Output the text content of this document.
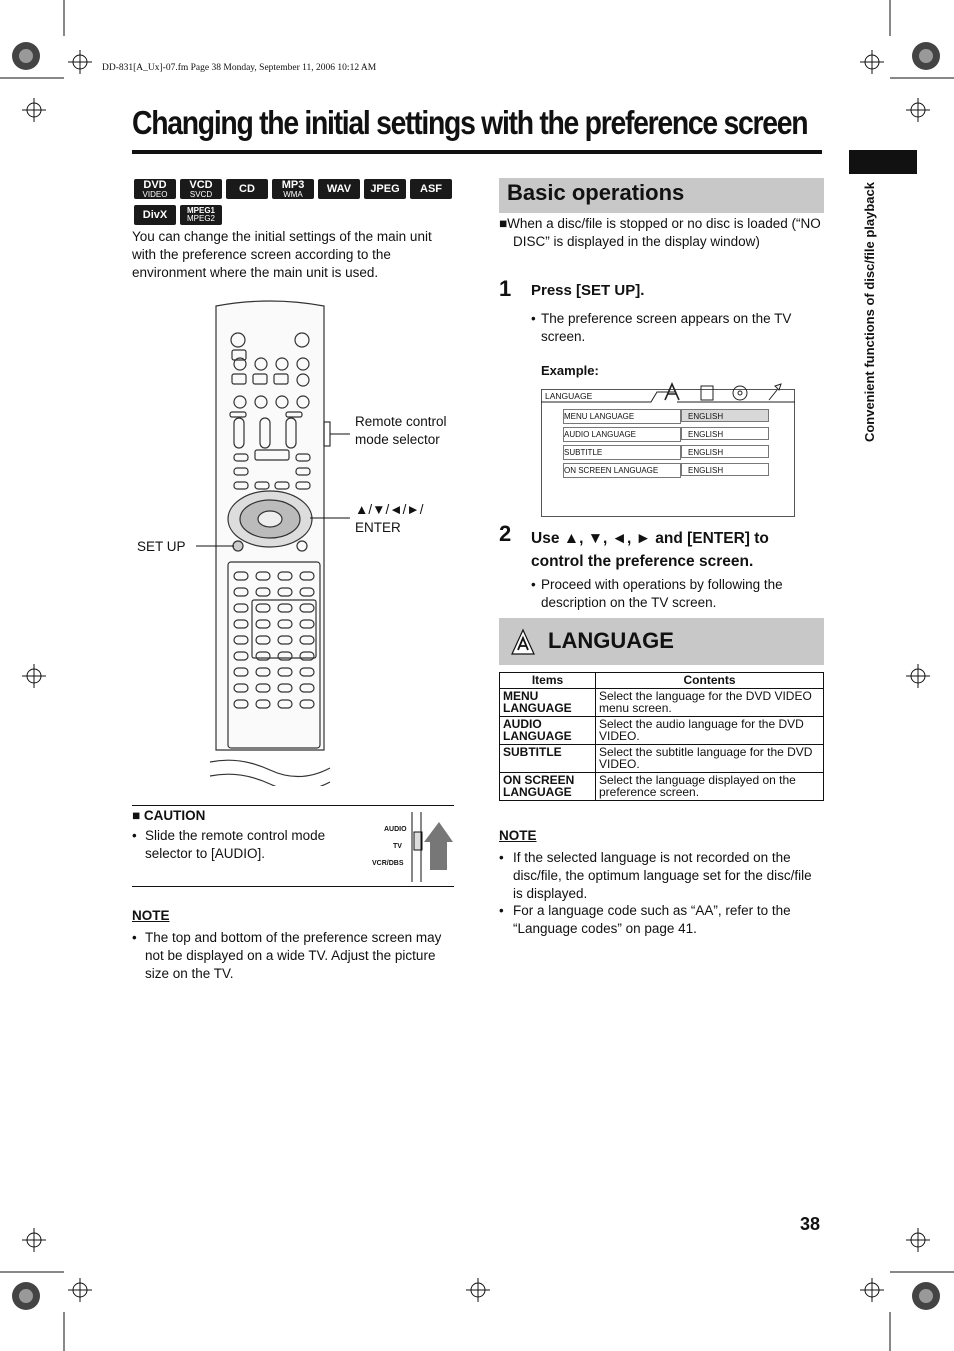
DD-831[A_Ux]-07.fm Page 38 Monday, September 11, 2006 10:12 AM
Changing the initial settings with the preference screen
Convenient functions of disc/file playback
DVD
VIDEO
VCD
SVCD CD MP3
WMA WAV JPEG ASF
DivX MPEG1
MPEG2
You can change the initial settings of the main unit with the preference screen according to the environment where the main unit is used.
Remote control mode selector
▲/▼/◄/►/ ENTER
SET UP
■ CAUTION
• Slide the remote control mode selector to [AUDIO].
AUDIO
TV
VCR/DBS
NOTE
• The top and bottom of the preference screen may not be displayed on a wide TV. Adjust the picture size on the TV.
Basic operations
■When a disc/file is stopped or no disc is loaded (“NO DISC” is displayed in the display window)
1 Press [SET UP].
• The preference screen appears on the TV screen.
Example:
LANGUAGE
MENU LANGUAGE	ENGLISH
AUDIO LANGUAGE	ENGLISH
SUBTITLE	ENGLISH
ON SCREEN LANGUAGE	ENGLISH
2 Use ▲, ▼, ◄, ► and [ENTER] to control the preference screen.
• Proceed with operations by following the description on the TV screen.
LANGUAGE
Items	Contents
MENU LANGUAGE	Select the language for the DVD VIDEO menu screen.
AUDIO LANGUAGE	Select the audio language for the DVD VIDEO.
SUBTITLE	Select the subtitle language for the DVD VIDEO.
ON SCREEN LANGUAGE	Select the language displayed on the preference screen.
NOTE
• If the selected language is not recorded on the disc/file, the optimum language set for the disc/file is displayed.
• For a language code such as “AA”, refer to the “Language codes” on page 41.
38
